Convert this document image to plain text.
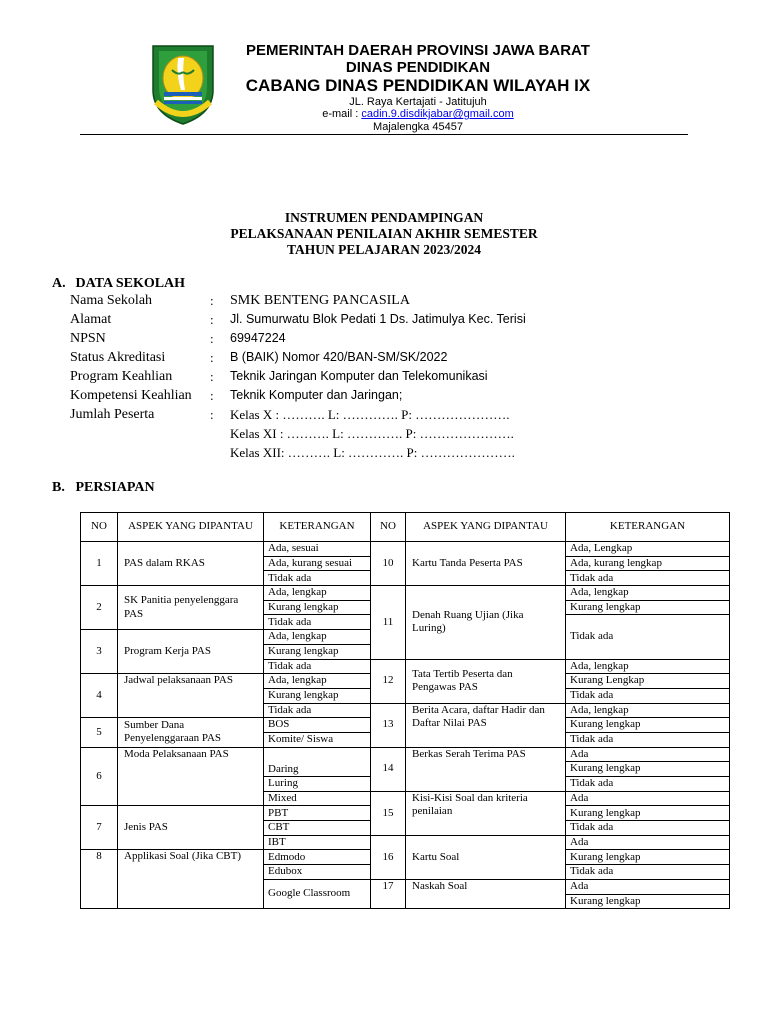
PEMERINTAH DAERAH PROVINSI JAWA BARAT
DINAS PENDIDIKAN
CABANG DINAS PENDIDIKAN WILAYAH IX
JL. Raya Kertajati - Jatitujuh
e-mail : cadin.9.disdikjabar@gmail.com
Majalengka 45457
INSTRUMEN PENDAMPINGAN
PELAKSANAAN PENILAIAN AKHIR SEMESTER
TAHUN PELAJARAN 2023/2024
A. DATA SEKOLAH
Nama Sekolah	: SMK BENTENG PANCASILA
Alamat	: Jl. Sumurwatu Blok Pedati 1 Ds. Jatimulya Kec. Terisi
NPSN	: 69947224
Status Akreditasi	: B (BAIK) Nomor 420/BAN-SM/SK/2022
Program Keahlian	: Teknik Jaringan Komputer dan Telekomunikasi
Kompetensi Keahlian : Teknik Komputer dan Jaringan;
Jumlah Peserta	: Kelas X : ………. L: …………. P: ………………….
Kelas XI : ………. L: …………. P: ………………….
Kelas XII: ………. L: …………. P: ………………….
B. PERSIAPAN
NO	ASPEK YANG DIPANTAU	KETERANGAN	NO	ASPEK YANG DIPANTAU	KETERANGAN
1	PAS dalam RKAS	Ada, sesuai	10	Kartu Tanda Peserta PAS	Ada, Lengkap
		Ada, kurang sesuai			Ada, kurang lengkap
		Tidak ada			Tidak ada
2	SK Panitia penyelenggara PAS	Ada, lengkap	11	Denah Ruang Ujian (Jika Luring)	Ada, lengkap
		Kurang lengkap			Kurang lengkap
		Tidak ada			Tidak ada
3	Program Kerja PAS	Ada, lengkap			
		Kurang lengkap			
		Tidak ada	12	Tata Tertib Peserta dan Pengawas PAS	Ada, lengkap
4	Jadwal pelaksanaan PAS	Ada, lengkap			Kurang Lengkap
		Kurang lengkap			Tidak ada
		Tidak ada	13	Berita Acara, daftar Hadir dan Daftar Nilai PAS	Ada, lengkap
5	Sumber Dana Penyelenggaraan PAS	BOS			Kurang lengkap
		Komite/ Siswa			Tidak ada
6	Moda Pelaksanaan PAS	Daring	14	Berkas Serah Terima PAS	Ada
					Kurang lengkap
		Luring			Tidak ada
		Mixed	15	Kisi-Kisi Soal dan kriteria penilaian	Ada
7	Jenis PAS	PBT			Kurang lengkap
		CBT			Tidak ada
		IBT	16	Kartu Soal	Ada
8	Applikasi Soal (Jika CBT)	Edmodo			Kurang lengkap
		Edubox			Tidak ada
		Google Classroom	17	Naskah Soal	Ada
					Kurang lengkap
